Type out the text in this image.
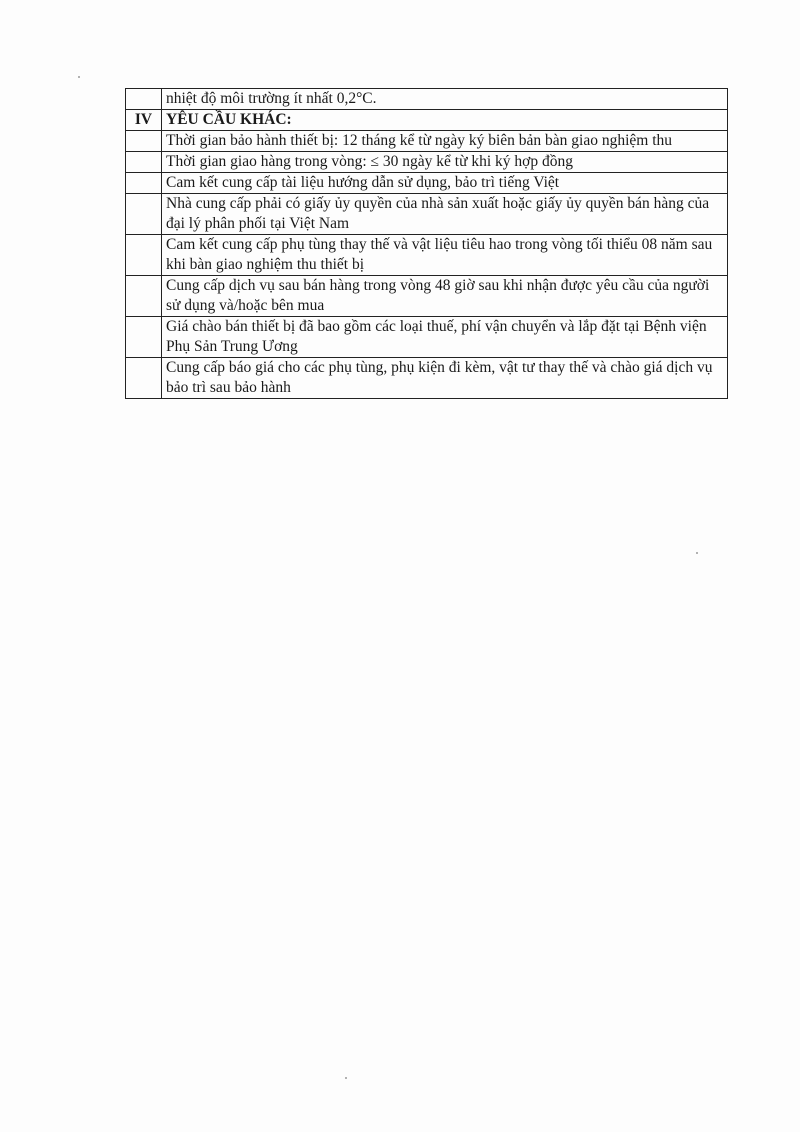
	nhiệt độ môi trường ít nhất 0,2°C.
IV	YÊU CẦU KHÁC:
	Thời gian bảo hành thiết bị: 12 tháng kể từ ngày ký biên bản bàn giao nghiệm thu
	Thời gian giao hàng trong vòng: ≤ 30 ngày kể từ khi ký hợp đồng
	Cam kết cung cấp tài liệu hướng dẫn sử dụng, bảo trì tiếng Việt
	Nhà cung cấp phải có giấy ủy quyền của nhà sản xuất hoặc giấy ủy quyền bán hàng của đại lý phân phối tại Việt Nam
	Cam kết cung cấp phụ tùng thay thế và vật liệu tiêu hao trong vòng tối thiểu 08 năm sau khi bàn giao nghiệm thu thiết bị
	Cung cấp dịch vụ sau bán hàng trong vòng 48 giờ sau khi nhận được yêu cầu của người sử dụng và/hoặc bên mua
	Giá chào bán thiết bị đã bao gồm các loại thuế, phí vận chuyển và lắp đặt tại Bệnh viện Phụ Sản Trung Ương
	Cung cấp báo giá cho các phụ tùng, phụ kiện đi kèm, vật tư thay thế và chào giá dịch vụ bảo trì sau bảo hành
